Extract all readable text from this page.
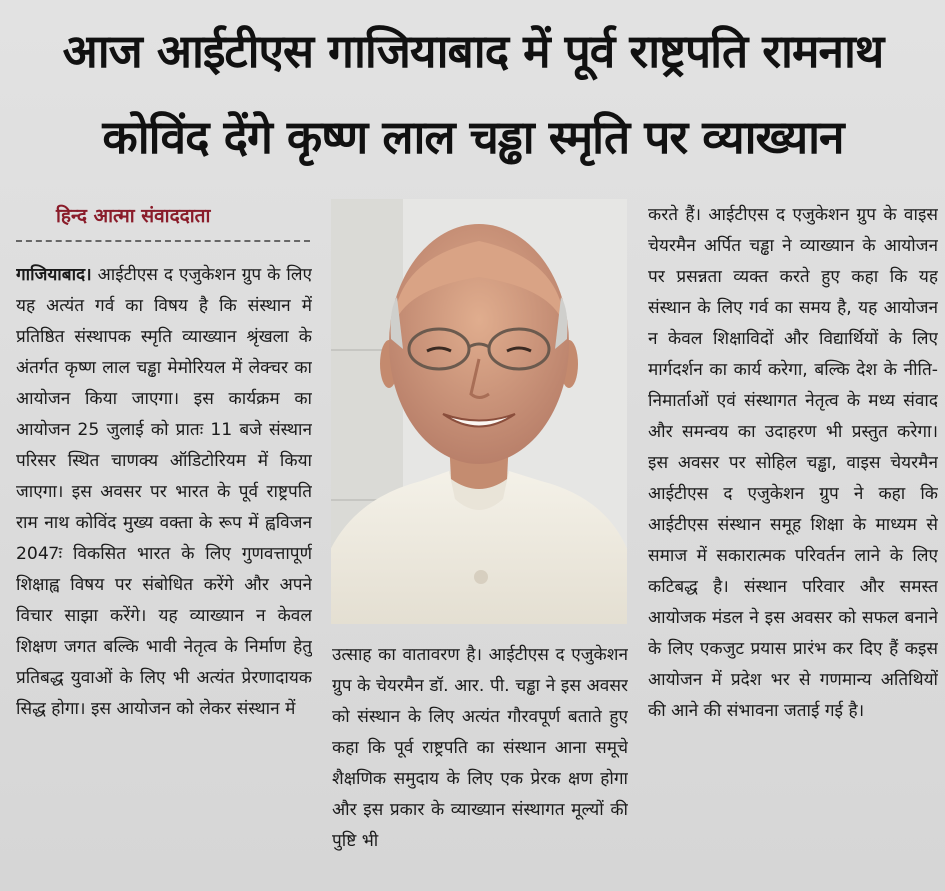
आज आईटीएस गाजियाबाद में पूर्व राष्ट्रपति रामनाथ कोविंद देंगे कृष्ण लाल चड्ढा स्मृति पर व्याख्यान

हिन्द आत्मा संवाददाता

गाजियाबाद। आईटीएस द एजुकेशन ग्रुप के लिए यह अत्यंत गर्व का विषय है कि संस्थान में प्रतिष्ठित संस्थापक स्मृति व्याख्यान श्रृंखला के अंतर्गत कृष्ण लाल चड्ढा मेमोरियल में लेक्चर का आयोजन किया जाएगा। इस कार्यक्रम का आयोजन 25 जुलाई को प्रातः 11 बजे संस्थान परिसर स्थित चाणक्य ऑडिटोरियम में किया जाएगा। इस अवसर पर भारत के पूर्व राष्ट्रपति राम नाथ कोविंद मुख्य वक्ता के रूप में ह्वविजन 2047ः विकसित भारत के लिए गुणवत्तापूर्ण शिक्षाह्व विषय पर संबोधित करेंगे और अपने विचार साझा करेंगे। यह व्याख्यान न केवल शिक्षण जगत बल्कि भावी नेतृत्व के निर्माण हेतु प्रतिबद्ध युवाओं के लिए भी अत्यंत प्रेरणादायक सिद्ध होगा। इस आयोजन को लेकर संस्थान में

उत्साह का वातावरण है। आईटीएस द एजुकेशन ग्रुप के चेयरमैन डॉ. आर. पी. चड्ढा ने इस अवसर को संस्थान के लिए अत्यंत गौरवपूर्ण बताते हुए कहा कि पूर्व राष्ट्रपति का संस्थान आना समूचे शैक्षणिक समुदाय के लिए एक प्रेरक क्षण होगा और इस प्रकार के व्याख्यान संस्थागत मूल्यों की पुष्टि भी

करते हैं। आईटीएस द एजुकेशन ग्रुप के वाइस चेयरमैन अर्पित चड्ढा ने व्याख्यान के आयोजन पर प्रसन्नता व्यक्त करते हुए कहा कि यह संस्थान के लिए गर्व का समय है, यह आयोजन न केवल शिक्षाविदों और विद्यार्थियों के लिए मार्गदर्शन का कार्य करेगा, बल्कि देश के नीति-निमार्ताओं एवं संस्थागत नेतृत्व के मध्य संवाद और समन्वय का उदाहरण भी प्रस्तुत करेगा। इस अवसर पर सोहिल चड्ढा, वाइस चेयरमैन आईटीएस द एजुकेशन ग्रुप ने कहा कि आईटीएस संस्थान समूह शिक्षा के माध्यम से समाज में सकारात्मक परिवर्तन लाने के लिए कटिबद्ध है। संस्थान परिवार और समस्त आयोजक मंडल ने इस अवसर को सफल बनाने के लिए एकजुट प्रयास प्रारंभ कर दिए हैं कइस आयोजन में प्रदेश भर से गणमान्य अतिथियों की आने की संभावना जताई गई है।
